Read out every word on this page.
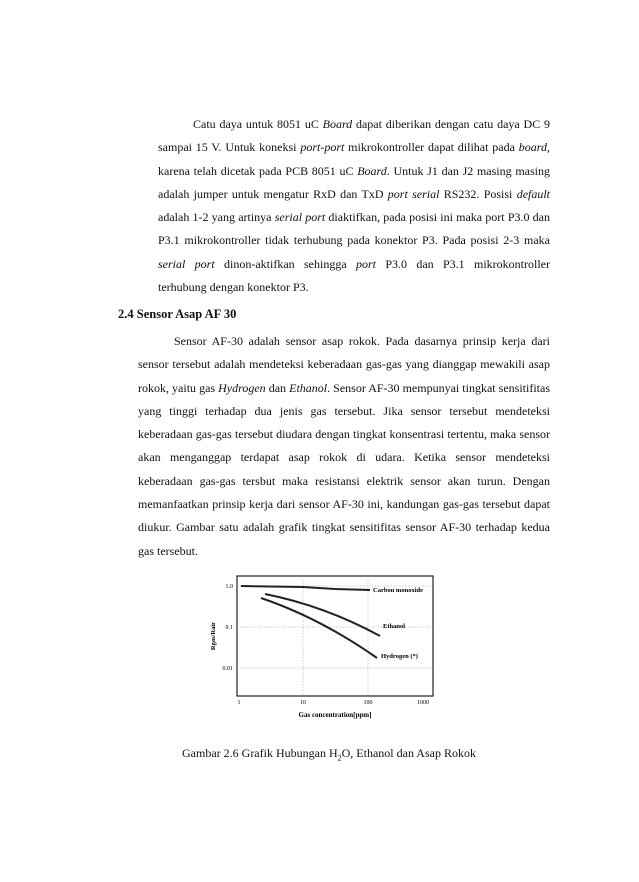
Catu daya untuk 8051 uC Board dapat diberikan dengan catu daya DC 9 sampai 15 V. Untuk koneksi port-port mikrokontroller dapat dilihat pada board, karena telah dicetak pada PCB 8051 uC Board. Untuk J1 dan J2 masing masing adalah jumper untuk mengatur RxD dan TxD port serial RS232. Posisi default adalah 1-2 yang artinya serial port diaktifkan, pada posisi ini maka port P3.0 dan P3.1 mikrokontroller tidak terhubung pada konektor P3. Pada posisi 2-3 maka serial port dinon-aktifkan sehingga port P3.0 dan P3.1 mikrokontroller terhubung dengan konektor P3.

2.4 Sensor Asap AF 30

Sensor AF-30 adalah sensor asap rokok. Pada dasarnya prinsip kerja dari sensor tersebut adalah mendeteksi keberadaan gas-gas yang dianggap mewakili asap rokok, yaitu gas Hydrogen dan Ethanol. Sensor AF-30 mempunyai tingkat sensitifitas yang tinggi terhadap dua jenis gas tersebut. Jika sensor tersebut mendeteksi keberadaan gas-gas tersebut diudara dengan tingkat konsentrasi tertentu, maka sensor akan menganggap terdapat asap rokok di udara. Ketika sensor mendeteksi keberadaan gas-gas tersbut maka resistansi elektrik sensor akan turun. Dengan memanfaatkan prinsip kerja dari sensor AF-30 ini, kandungan gas-gas tersebut dapat diukur. Gambar satu adalah grafik tingkat sensitifitas sensor AF-30 terhadap kedua gas tersebut.

1.0
0.1
0.01
1	10	100	1000
Rgas/Rair
Gas concentration[ppm]
Carbon monoxide
Ethanol
Hydrogen (*)
Gambar 2.6 Grafik Hubungan $H_2O$, Ethanol dan Asap Rokok
